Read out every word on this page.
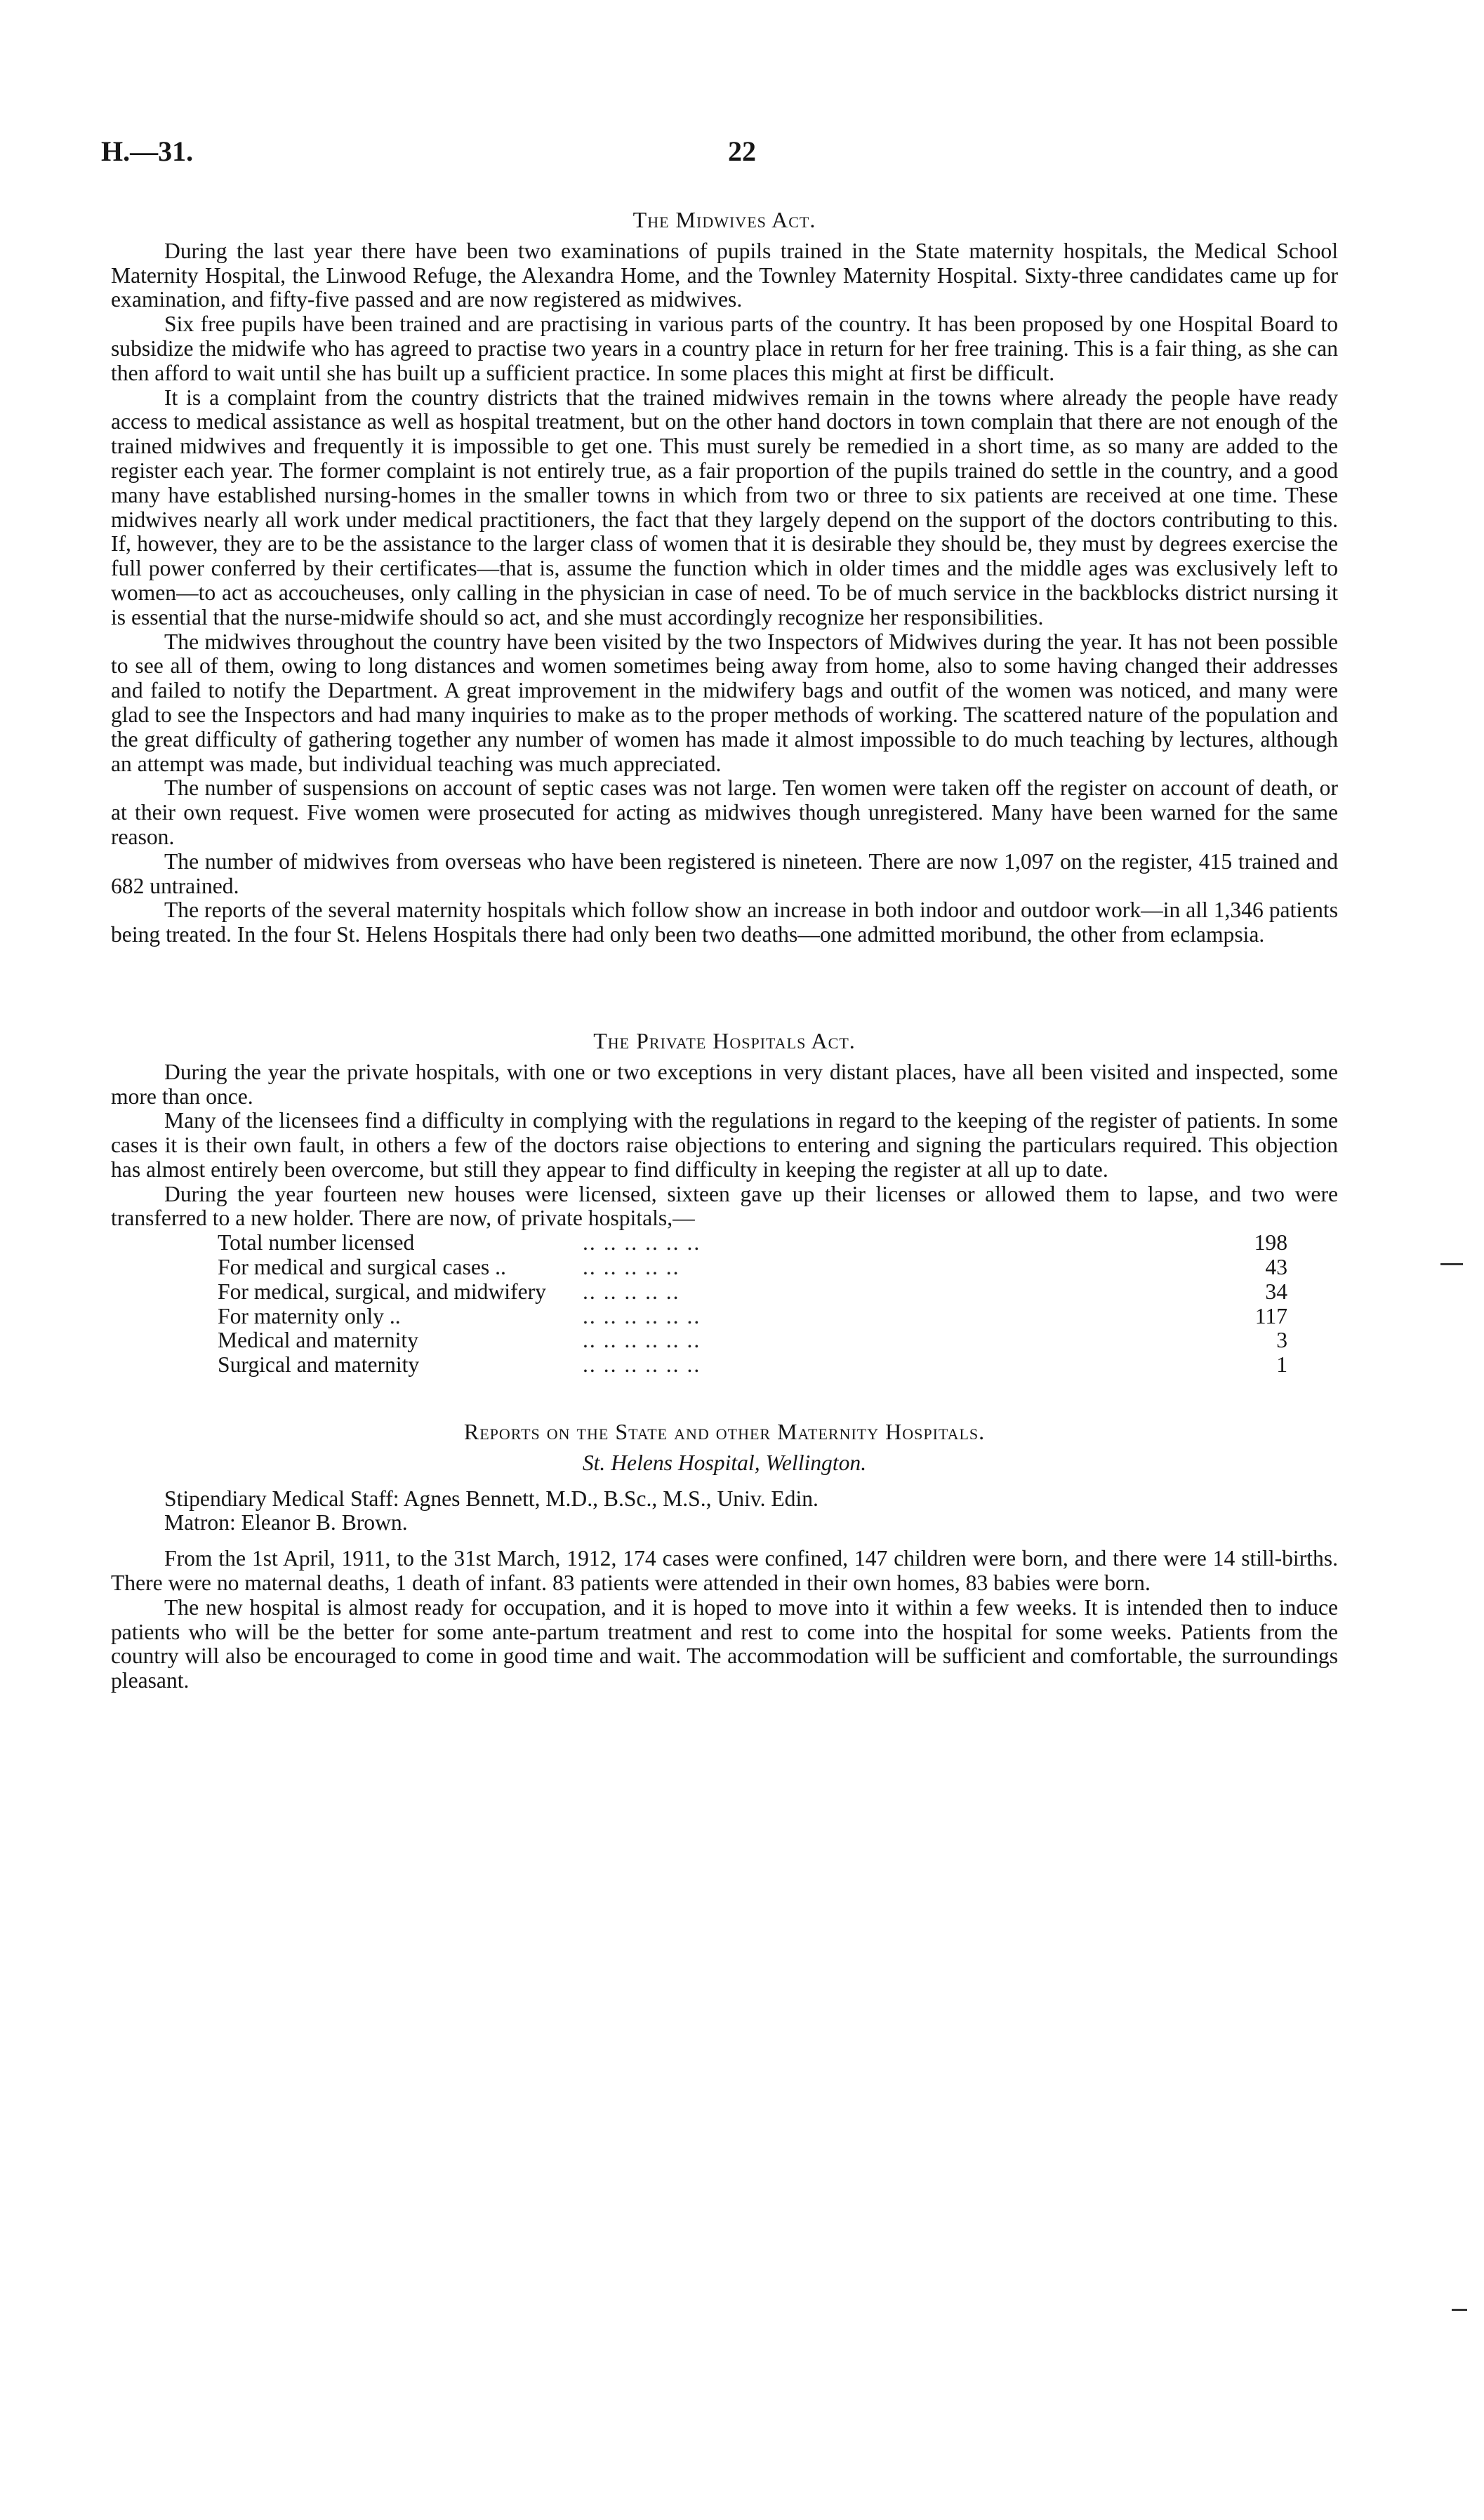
H.—31.	22
The Midwives Act.

During the last year there have been two examinations of pupils trained in the State maternity hospitals, the Medical School Maternity Hospital, the Linwood Refuge, the Alexandra Home, and the Townley Maternity Hospital. Sixty-three candidates came up for examination, and fifty-five passed and are now registered as midwives.

Six free pupils have been trained and are practising in various parts of the country. It has been proposed by one Hospital Board to subsidize the midwife who has agreed to practise two years in a country place in return for her free training. This is a fair thing, as she can then afford to wait until she has built up a sufficient practice. In some places this might at first be difficult.

It is a complaint from the country districts that the trained midwives remain in the towns where already the people have ready access to medical assistance as well as hospital treatment, but on the other hand doctors in town complain that there are not enough of the trained midwives and frequently it is impossible to get one. This must surely be remedied in a short time, as so many are added to the register each year. The former complaint is not entirely true, as a fair proportion of the pupils trained do settle in the country, and a good many have established nursing-homes in the smaller towns in which from two or three to six patients are received at one time. These midwives nearly all work under medical practitioners, the fact that they largely depend on the support of the doctors contributing to this. If, however, they are to be the assistance to the larger class of women that it is desirable they should be, they must by degrees exercise the full power conferred by their certificates—that is, assume the function which in older times and the middle ages was exclusively left to women—to act as accoucheuses, only calling in the physician in case of need. To be of much service in the backblocks district nursing it is essential that the nurse-midwife should so act, and she must accordingly recognize her responsibilities.

The midwives throughout the country have been visited by the two Inspectors of Midwives during the year. It has not been possible to see all of them, owing to long distances and women sometimes being away from home, also to some having changed their addresses and failed to notify the Department. A great improvement in the midwifery bags and outfit of the women was noticed, and many were glad to see the Inspectors and had many inquiries to make as to the proper methods of working. The scattered nature of the population and the great difficulty of gathering together any number of women has made it almost impossible to do much teaching by lectures, although an attempt was made, but individual teaching was much appreciated.

The number of suspensions on account of septic cases was not large. Ten women were taken off the register on account of death, or at their own request. Five women were prosecuted for acting as midwives though unregistered. Many have been warned for the same reason.

The number of midwives from overseas who have been registered is nineteen. There are now 1,097 on the register, 415 trained and 682 untrained.

The reports of the several maternity hospitals which follow show an increase in both indoor and outdoor work—in all 1,346 patients being treated. In the four St. Helens Hospitals there had only been two deaths—one admitted moribund, the other from eclampsia.

The Private Hospitals Act.

During the year the private hospitals, with one or two exceptions in very distant places, have all been visited and inspected, some more than once.

Many of the licensees find a difficulty in complying with the regulations in regard to the keeping of the register of patients. In some cases it is their own fault, in others a few of the doctors raise objections to entering and signing the particulars required. This objection has almost entirely been overcome, but still they appear to find difficulty in keeping the register at all up to date.

During the year fourteen new houses were licensed, sixteen gave up their licenses or allowed them to lapse, and two were transferred to a new holder. There are now, of private hospitals,—

Total number licensed	.. .. .. .. .. ..	198
For medical and surgical cases ..	.. .. .. .. ..	43
For medical, surgical, and midwifery	.. .. .. .. ..	34
For maternity only ..	.. .. .. .. .. ..	117
Medical and maternity	.. .. .. .. .. ..	3
Surgical and maternity	.. .. .. .. .. ..	1
Reports on the State and other Maternity Hospitals.
St. Helens Hospital, Wellington.
Stipendiary Medical Staff: Agnes Bennett, M.D., B.Sc., M.S., Univ. Edin.
Matron: Eleanor B. Brown.

From the 1st April, 1911, to the 31st March, 1912, 174 cases were confined, 147 children were born, and there were 14 still-births. There were no maternal deaths, 1 death of infant. 83 patients were attended in their own homes, 83 babies were born.

The new hospital is almost ready for occupation, and it is hoped to move into it within a few weeks. It is intended then to induce patients who will be the better for some ante-partum treatment and rest to come into the hospital for some weeks. Patients from the country will also be encouraged to come in good time and wait. The accommodation will be sufficient and comfortable, the surroundings pleasant.
